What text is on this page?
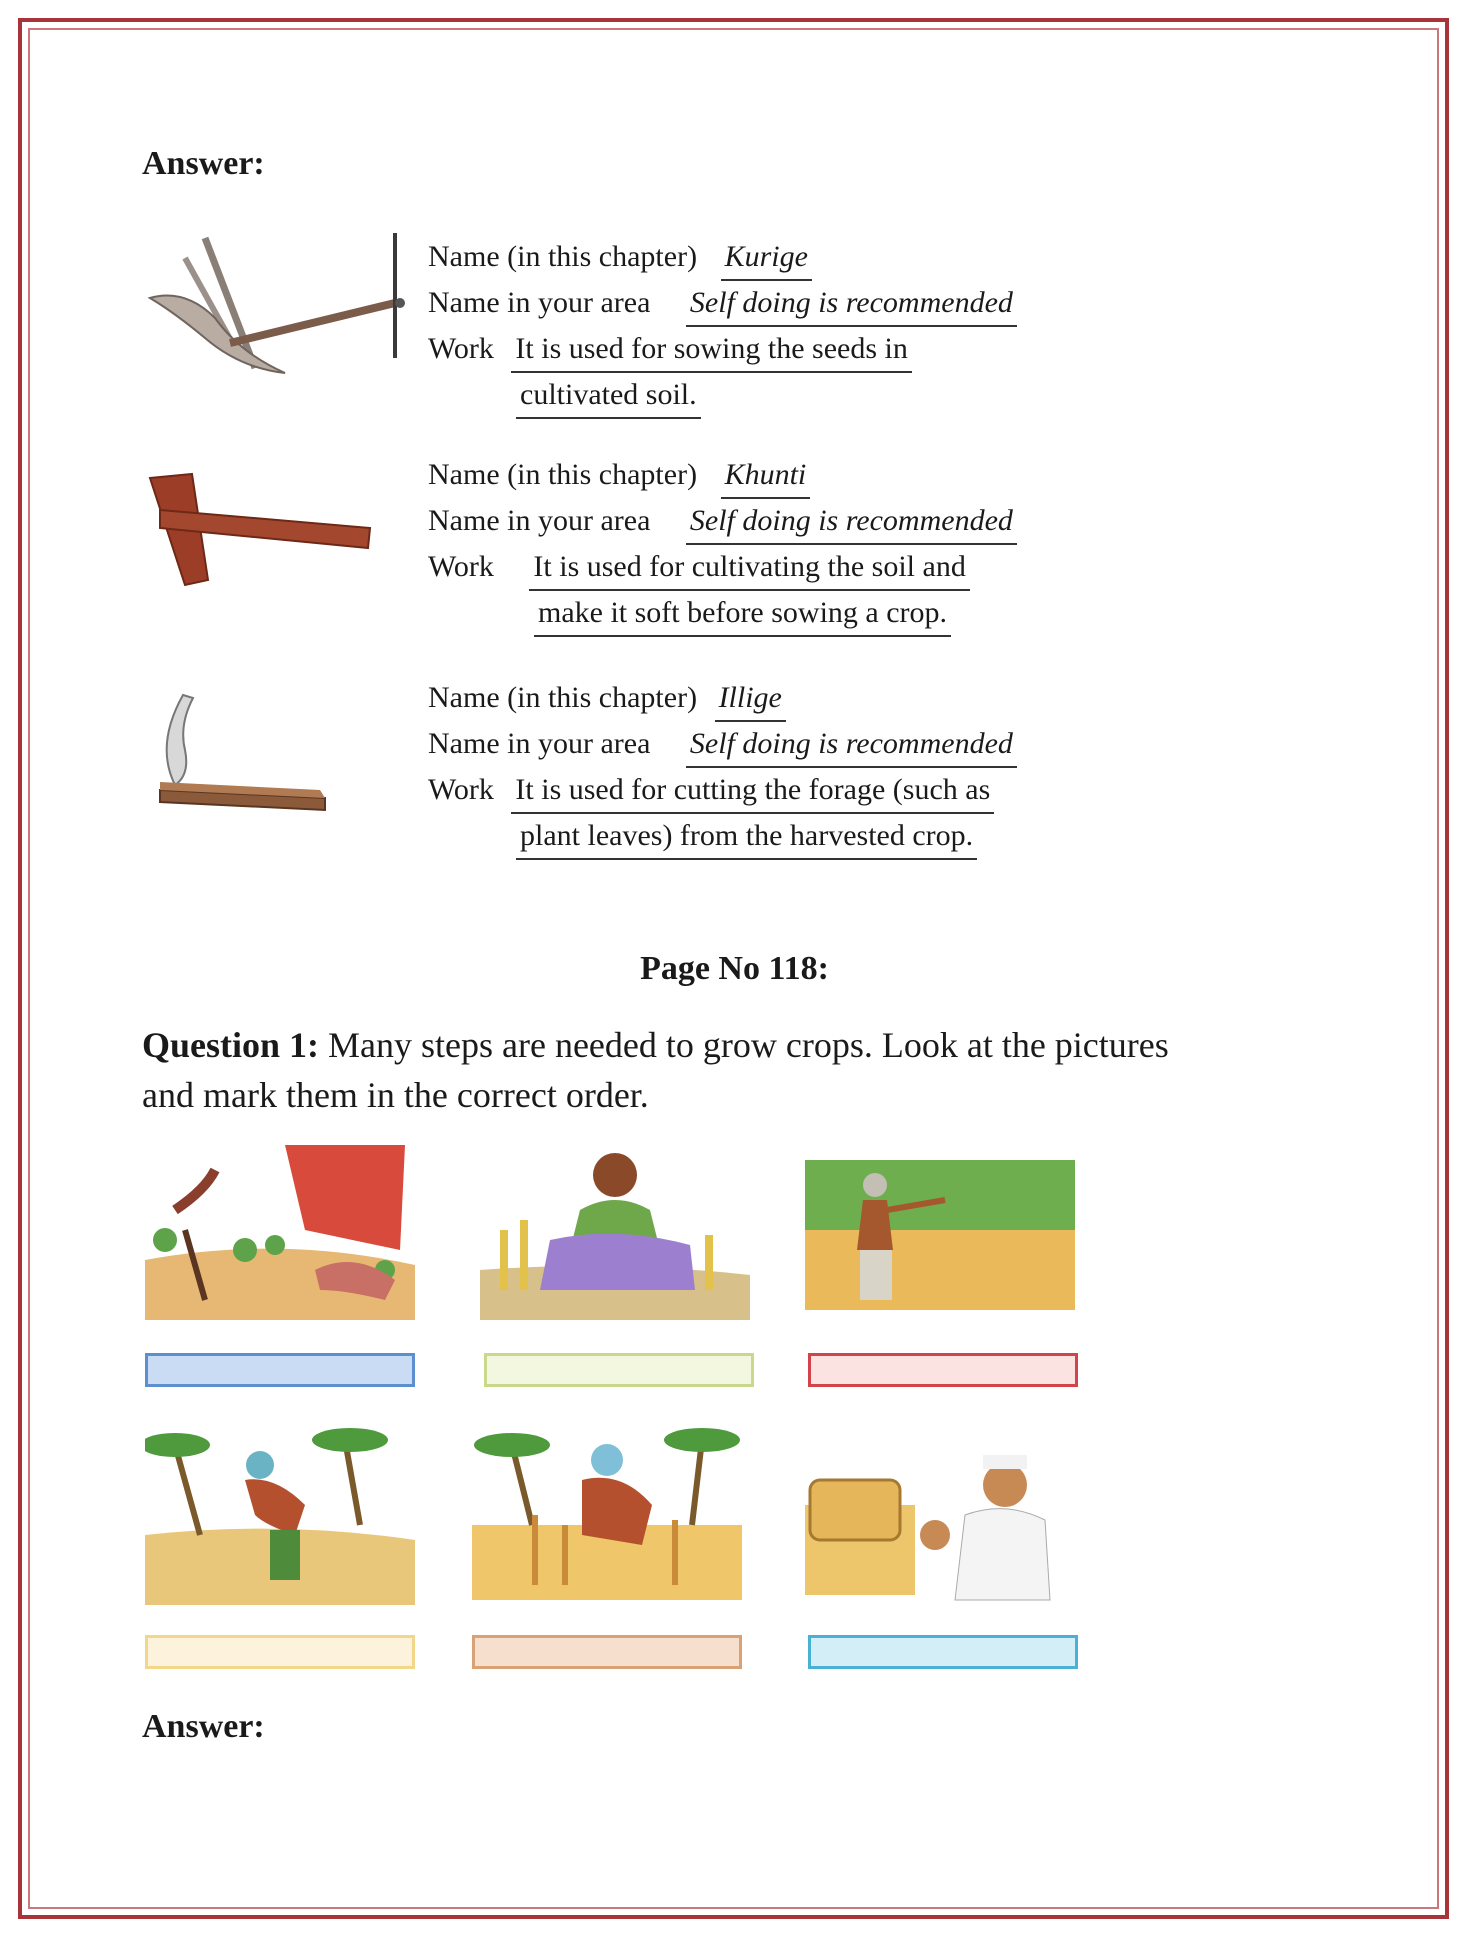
Answer:
Name (in this chapter) Kurige
Name in your area Self doing is recommended
Work It is used for sowing the seeds in
cultivated soil.
Name (in this chapter) Khunti
Name in your area Self doing is recommended
Work It is used for cultivating the soil and
make it soft before sowing a crop.
Name (in this chapter) Illige
Name in your area Self doing is recommended
Work It is used for cutting the forage (such as
plant leaves) from the harvested crop.
Page No 118:
Question 1: Many steps are needed to grow crops. Look at the pictures
and mark them in the correct order.
Answer:
